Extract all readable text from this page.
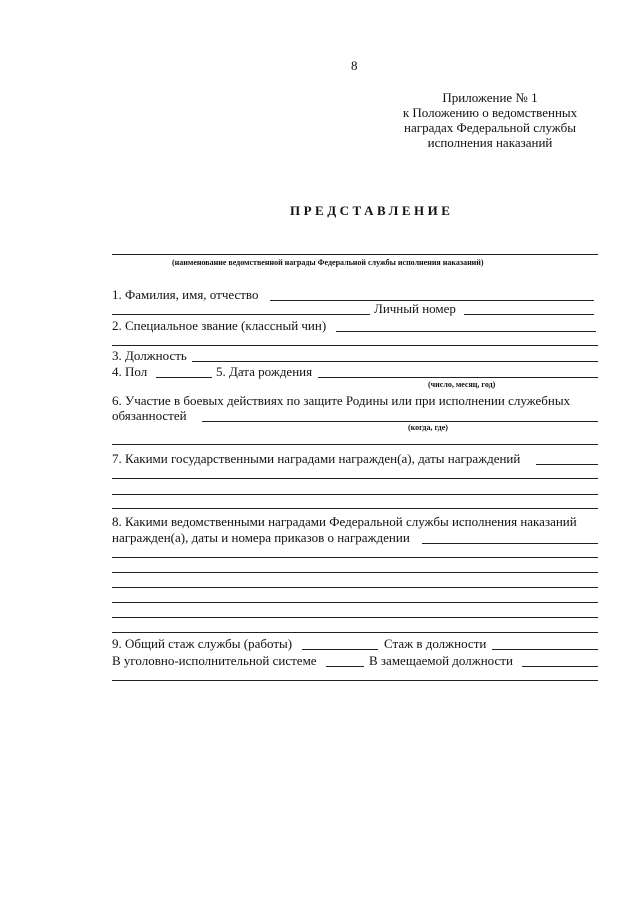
8
Приложение № 1
к Положению о ведомственных
наградах Федеральной службы
исполнения наказаний
ПРЕДСТАВЛЕНИЕ
(наименование ведомственной награды Федеральной службы исполнения наказаний)
1. Фамилия, имя, отчество
Личный номер
2. Специальное звание (классный чин)
3. Должность
4. Пол	5. Дата рождения
(число, месяц, год)
6. Участие в боевых действиях по защите Родины или при исполнении служебных
обязанностей
(когда, где)
7. Какими государственными наградами награжден(а), даты награждений
8. Какими ведомственными наградами Федеральной службы исполнения наказаний
награжден(а), даты и номера приказов о награждении
9. Общий стаж службы (работы)	Стаж в должности
В уголовно-исполнительной системе	В замещаемой должности
